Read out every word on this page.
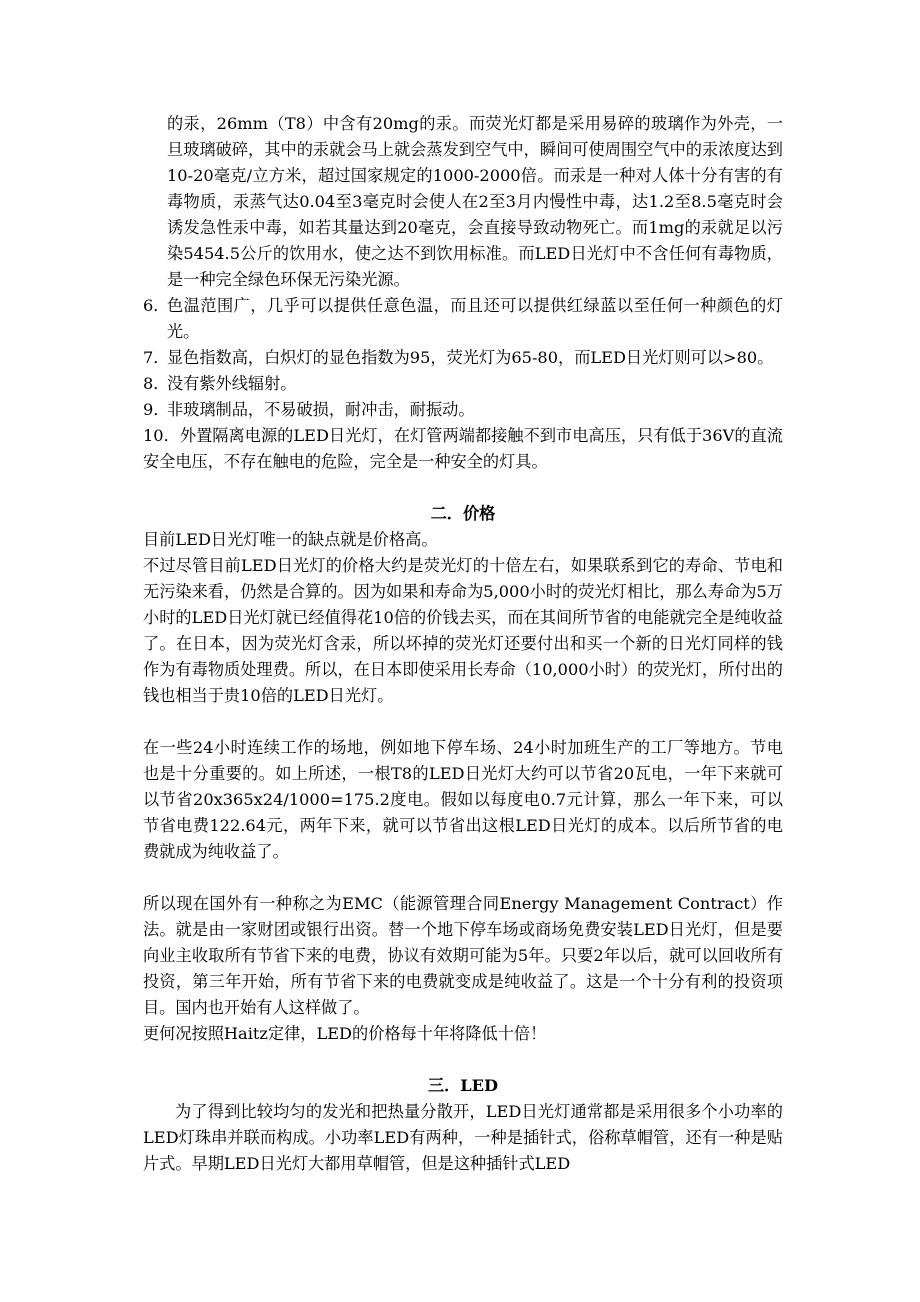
的汞，26mm（T8）中含有20mg的汞。而荧光灯都是采用易碎的玻璃作为外壳，一旦玻璃破碎，其中的汞就会马上就会蒸发到空气中，瞬间可使周围空气中的汞浓度达到10-20毫克/立方米，超过国家规定的1000-2000倍。而汞是一种对人体十分有害的有毒物质，汞蒸气达0.04至3毫克时会使人在2至3月内慢性中毒，达1.2至8.5毫克时会诱发急性汞中毒，如若其量达到20毫克，会直接导致动物死亡。而1mg的汞就足以污染5454.5公斤的饮用水，使之达不到饮用标准。而LED日光灯中不含任何有毒物质，是一种完全绿色环保无污染光源。
6．
色温范围广，几乎可以提供任意色温，而且还可以提供红绿蓝以至任何一种颜色的灯光。
7．
显色指数高，白炽灯的显色指数为95，荧光灯为65-80，而LED日光灯则可以>80。
8．
没有紫外线辐射。
9．
非玻璃制品，不易破损，耐冲击，耐振动。
10．外置隔离电源的LED日光灯，在灯管两端都接触不到市电高压，只有低于36V的直流安全电压，不存在触电的危险，完全是一种安全的灯具。
二．价格
目前LED日光灯唯一的缺点就是价格高。
不过尽管目前LED日光灯的价格大约是荧光灯的十倍左右，如果联系到它的寿命、节电和无污染来看，仍然是合算的。因为如果和寿命为5,000小时的荧光灯相比，那么寿命为5万小时的LED日光灯就已经值得花10倍的价钱去买，而在其间所节省的电能就完全是纯收益了。在日本，因为荧光灯含汞，所以坏掉的荧光灯还要付出和买一个新的日光灯同样的钱作为有毒物质处理费。所以，在日本即使采用长寿命（10,000小时）的荧光灯，所付出的钱也相当于贵10倍的LED日光灯。
在一些24小时连续工作的场地，例如地下停车场、24小时加班生产的工厂等地方。节电也是十分重要的。如上所述，一根T8的LED日光灯大约可以节省20瓦电，一年下来就可以节省20x365x24/1000=175.2度电。假如以每度电0.7元计算，那么一年下来，可以节省电费122.64元，两年下来，就可以节省出这根LED日光灯的成本。以后所节省的电费就成为纯收益了。
所以现在国外有一种称之为EMC（能源管理合同Energy Management Contract）作法。就是由一家财团或银行出资。替一个地下停车场或商场免费安装LED日光灯，但是要向业主收取所有节省下来的电费，协议有效期可能为5年。只要2年以后，就可以回收所有投资，第三年开始，所有节省下来的电费就变成是纯收益了。这是一个十分有利的投资项目。国内也开始有人这样做了。
更何况按照Haitz定律，LED的价格每十年将降低十倍！
三．LED
为了得到比较均匀的发光和把热量分散开，LED日光灯通常都是采用很多个小功率的LED灯珠串并联而构成。小功率LED有两种，一种是插针式，俗称草帽管，还有一种是贴片式。早期LED日光灯大都用草帽管，但是这种插针式LED
